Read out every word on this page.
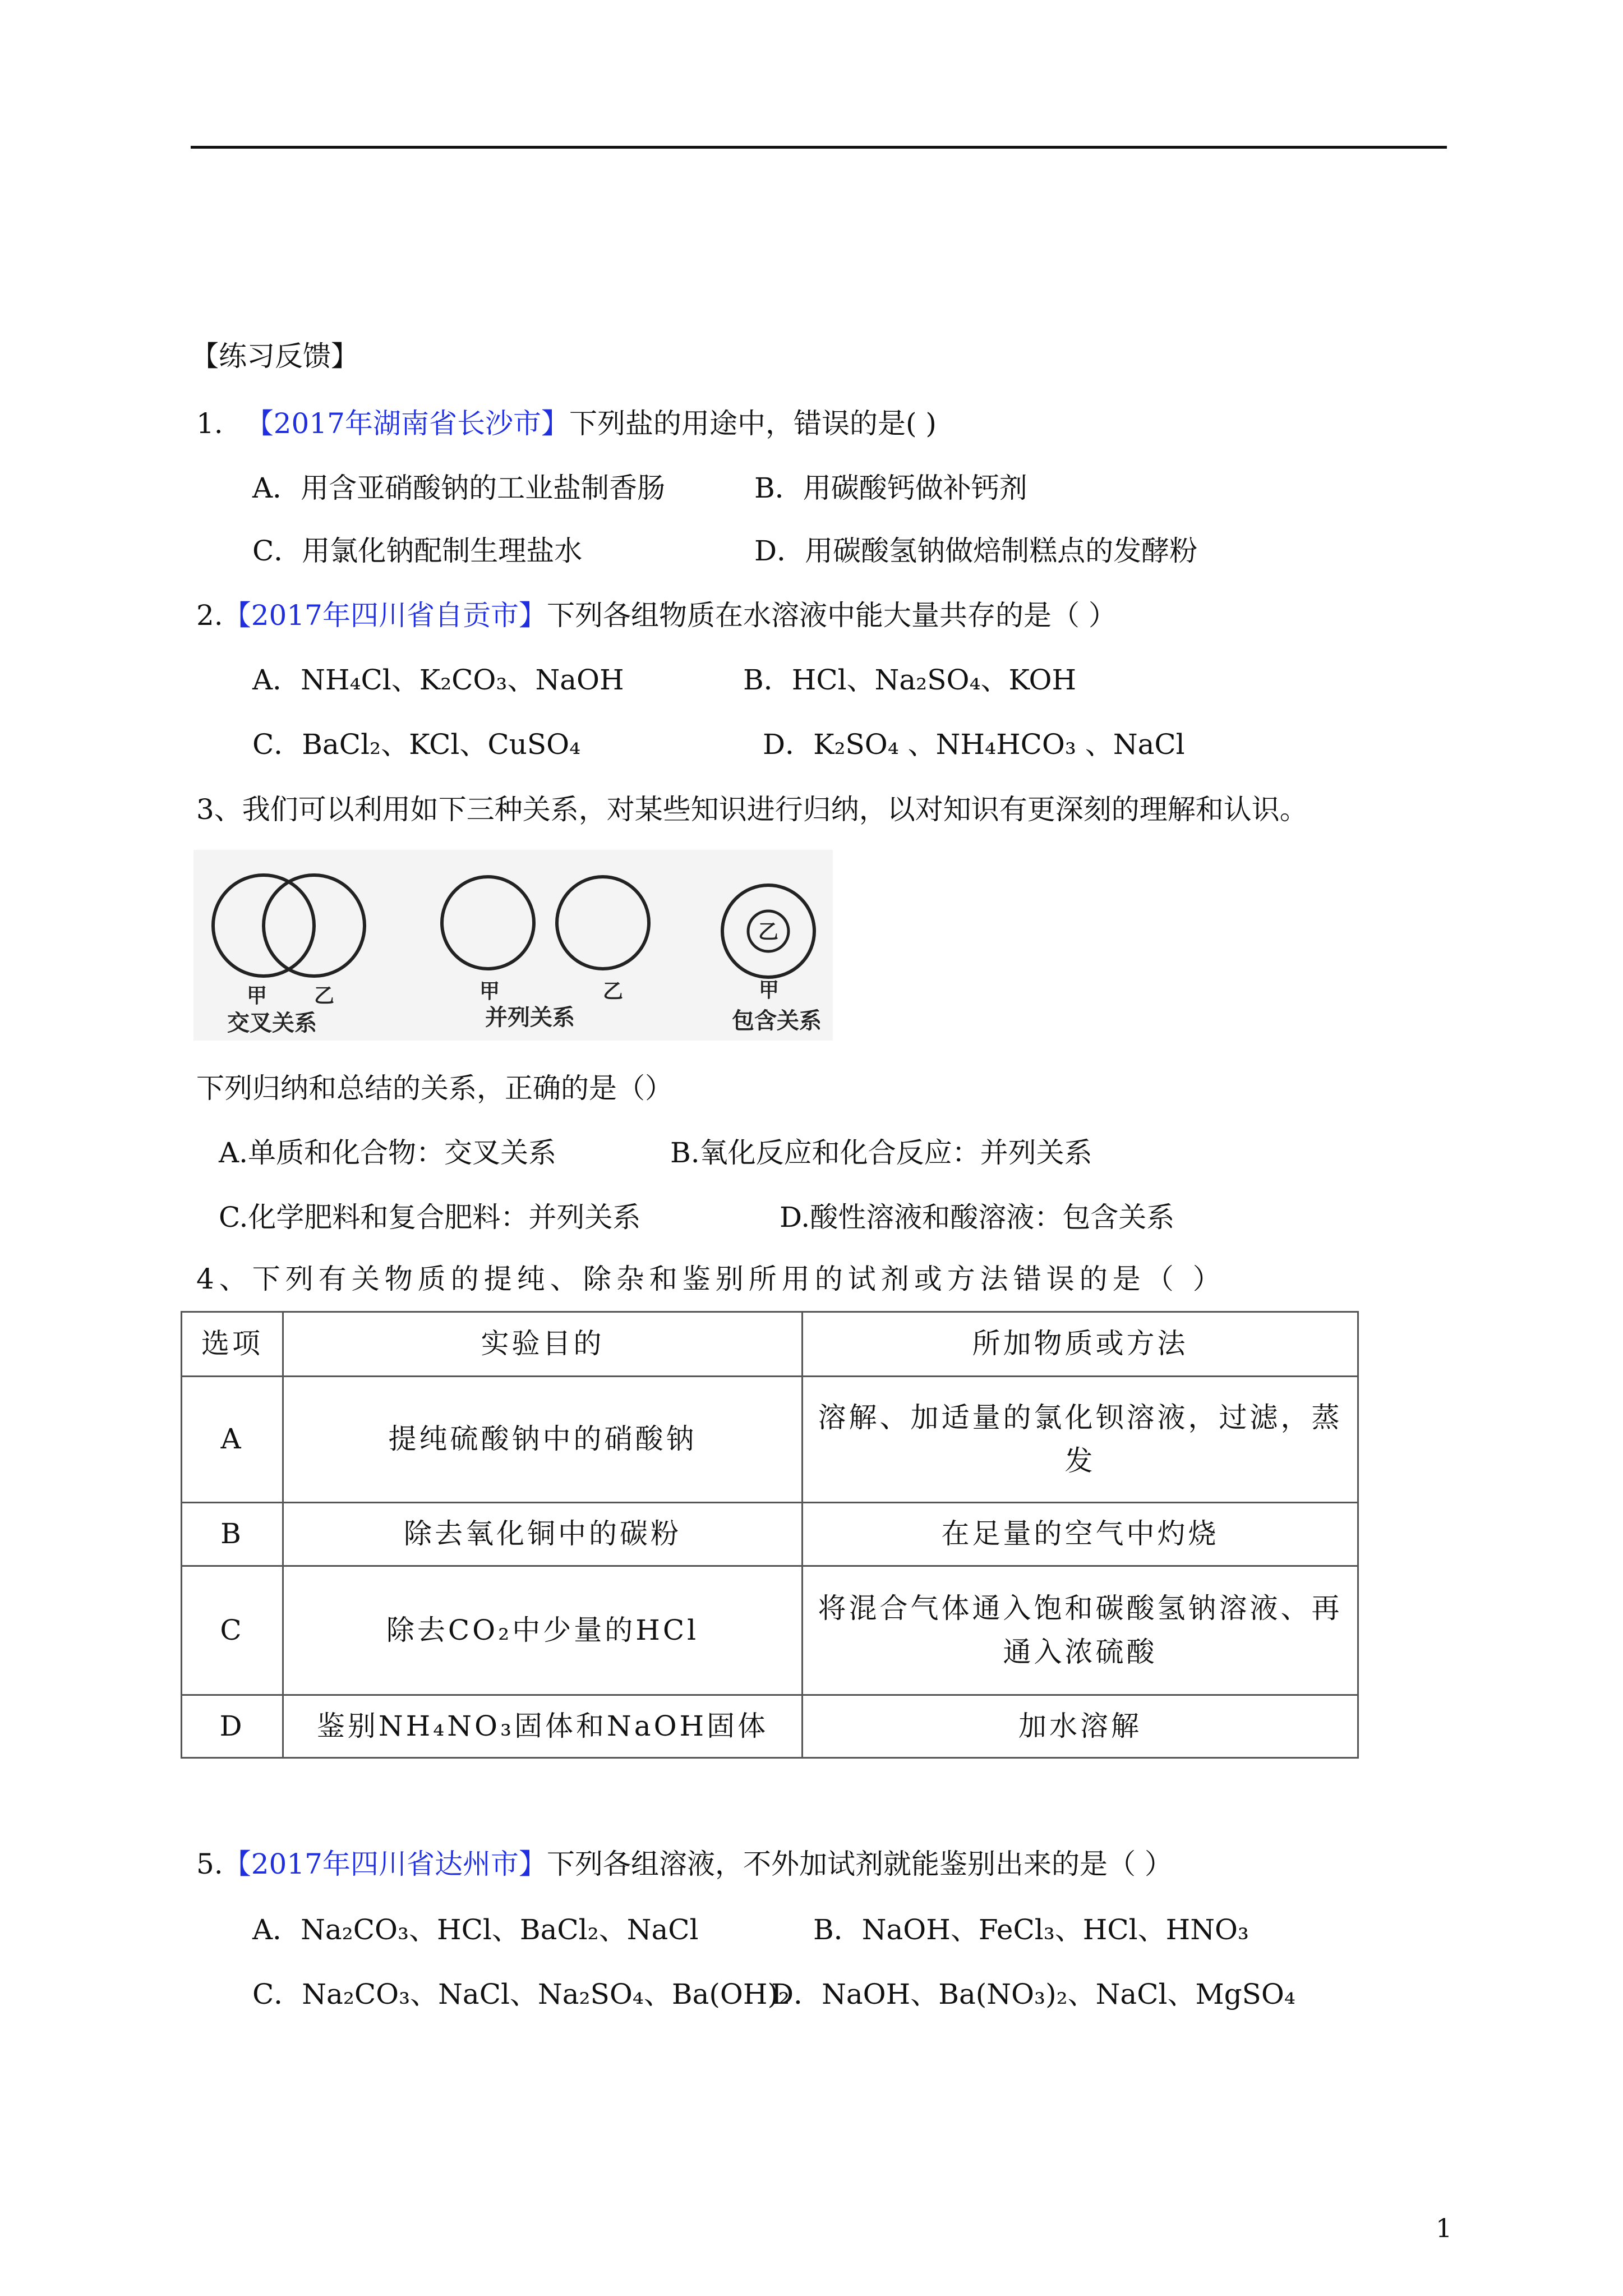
【练习反馈】
1. 【2017年湖南省长沙市】下列盐的用途中，错误的是( )
A．用含亚硝酸钠的工业盐制香肠	B．用碳酸钙做补钙剂
C．用氯化钠配制生理盐水	D．用碳酸氢钠做焙制糕点的发酵粉
2.【2017年四川省自贡市】下列各组物质在水溶液中能大量共存的是（ ）
A．NH₄Cl、K₂CO₃、NaOH	B．HCl、Na₂SO₄、KOH
C．BaCl₂、KCl、CuSO₄	D．K₂SO₄ 、NH₄HCO₃ 、NaCl
3、我们可以利用如下三种关系，对某些知识进行归纳，以对知识有更深刻的理解和认识。
甲 乙
交叉关系
甲	乙
并列关系
乙
甲
包含关系
下列归纳和总结的关系，正确的是（）
A.单质和化合物：交叉关系	B.氧化反应和化合反应：并列关系
C.化学肥料和复合肥料：并列关系	D.酸性溶液和酸溶液：包含关系
4、下列有关物质的提纯、除杂和鉴别所用的试剂或方法错误的是（ ）
选项	实验目的	所加物质或方法
A	提纯硫酸钠中的硝酸钠	溶解、加适量的氯化钡溶液，过滤，蒸发
B	除去氧化铜中的碳粉	在足量的空气中灼烧
C	除去CO₂中少量的HCl	将混合气体通入饱和碳酸氢钠溶液、再通入浓硫酸
D	鉴别NH₄NO₃固体和NaOH固体	加水溶解
5.【2017年四川省达州市】下列各组溶液，不外加试剂就能鉴别出来的是（ ）
A．Na₂CO₃、HCl、BaCl₂、NaCl	B．NaOH、FeCl₃、HCl、HNO₃
C．Na₂CO₃、NaCl、Na₂SO₄、Ba(OH)₂
D．NaOH、Ba(NO₃)₂、NaCl、MgSO₄
1
